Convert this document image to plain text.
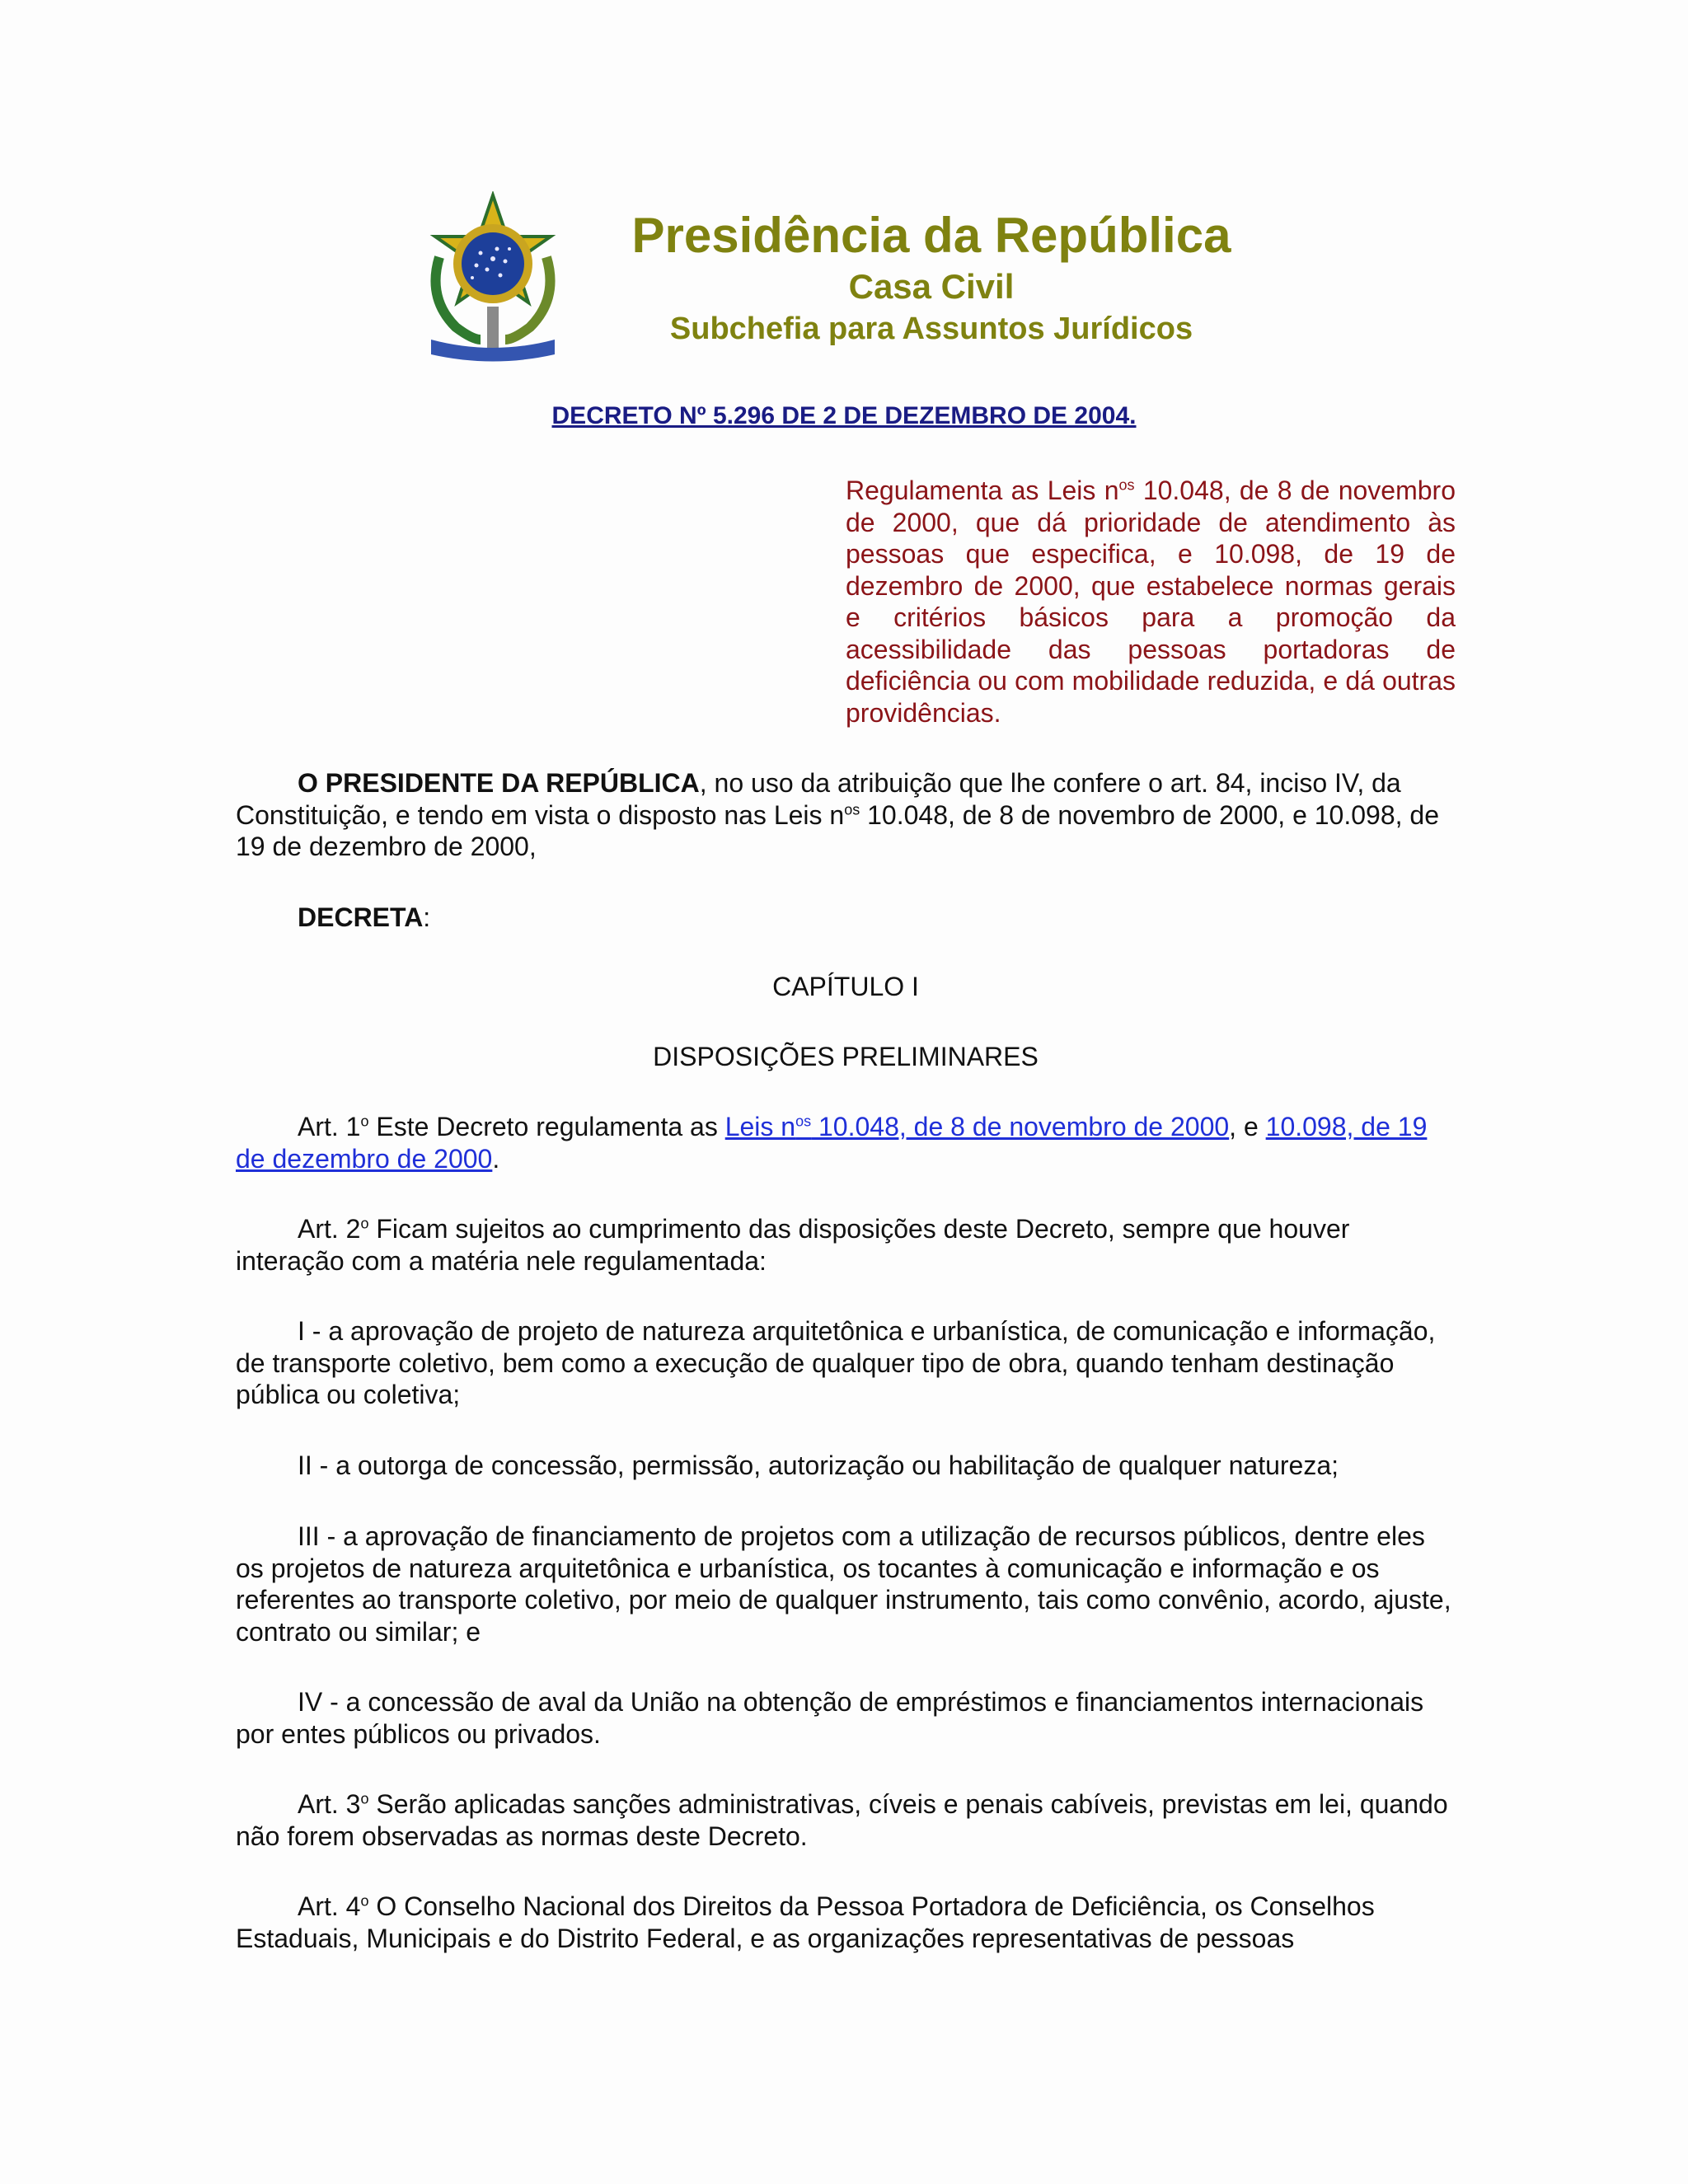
Presidência da República
Casa Civil
Subchefia para Assuntos Jurídicos
DECRETO Nº 5.296 DE 2 DE DEZEMBRO DE 2004.
Regulamenta as Leis $n^{os}$ 10.048, de 8 de novembro de 2000, que dá prioridade de atendimento às pessoas que especifica, e 10.098, de 19 de dezembro de 2000, que estabelece normas gerais e critérios básicos para a promoção da acessibilidade das pessoas portadoras de deficiência ou com mobilidade reduzida, e dá outras providências.

O PRESIDENTE DA REPÚBLICA, no uso da atribuição que lhe confere o art. 84, inciso IV, da Constituição, e tendo em vista o disposto nas Leis $n^{os}$ 10.048, de 8 de novembro de 2000, e 10.098, de 19 de dezembro de 2000,

DECRETA:

CAPÍTULO I
DISPOSIÇÕES PRELIMINARES

Art. 1$^o$ Este Decreto regulamenta as Leis $n^{os}$ 10.048, de 8 de novembro de 2000, e 10.098, de 19 de dezembro de 2000.

Art. 2$^o$ Ficam sujeitos ao cumprimento das disposições deste Decreto, sempre que houver interação com a matéria nele regulamentada:

I - a aprovação de projeto de natureza arquitetônica e urbanística, de comunicação e informação, de transporte coletivo, bem como a execução de qualquer tipo de obra, quando tenham destinação pública ou coletiva;

II - a outorga de concessão, permissão, autorização ou habilitação de qualquer natureza;

III - a aprovação de financiamento de projetos com a utilização de recursos públicos, dentre eles os projetos de natureza arquitetônica e urbanística, os tocantes à comunicação e informação e os referentes ao transporte coletivo, por meio de qualquer instrumento, tais como convênio, acordo, ajuste, contrato ou similar; e

IV - a concessão de aval da União na obtenção de empréstimos e financiamentos internacionais por entes públicos ou privados.

Art. 3$^o$ Serão aplicadas sanções administrativas, cíveis e penais cabíveis, previstas em lei, quando não forem observadas as normas deste Decreto.

Art. 4$^o$ O Conselho Nacional dos Direitos da Pessoa Portadora de Deficiência, os Conselhos Estaduais, Municipais e do Distrito Federal, e as organizações representativas de pessoas
